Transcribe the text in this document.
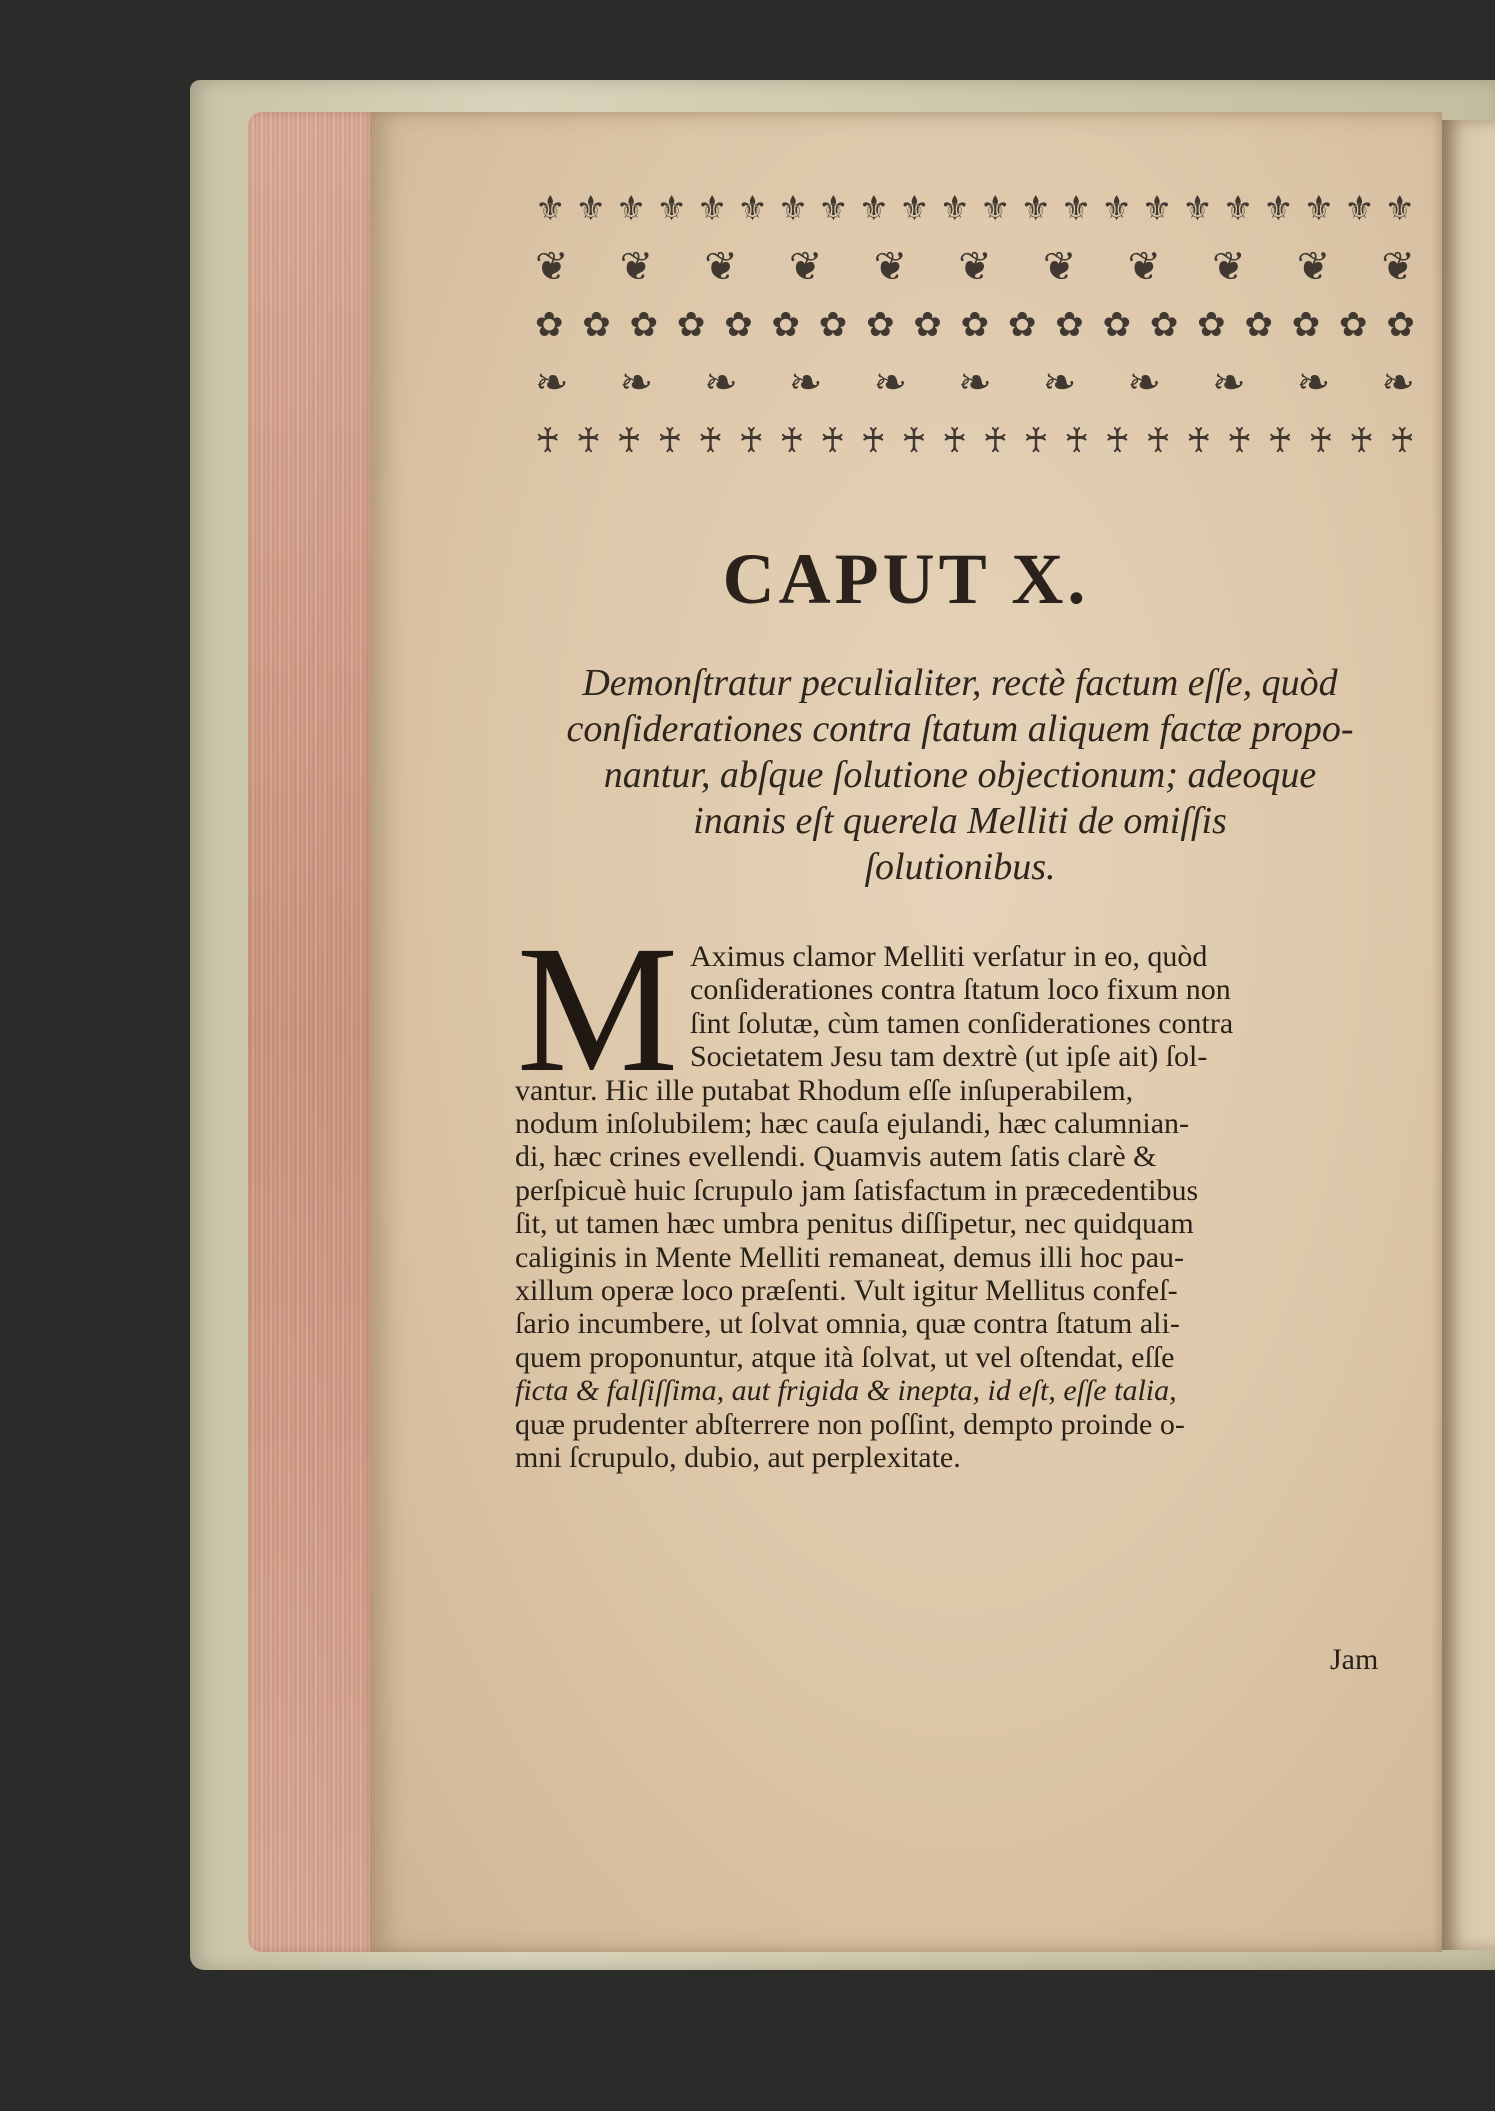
⚜ ⚜ ⚜ ⚜ ⚜ ⚜ ⚜ ⚜ ⚜ ⚜ ⚜ ⚜ ⚜ ⚜ ⚜ ⚜ ⚜ ⚜ ⚜ ⚜ ⚜ ⚜
❦ ❦ ❦ ❦ ❦ ❦ ❦ ❦ ❦ ❦ ❦
✿ ✿ ✿ ✿ ✿ ✿ ✿ ✿ ✿ ✿ ✿ ✿ ✿ ✿ ✿ ✿ ✿ ✿ ✿
❧ ❧ ❧ ❧ ❧ ❧ ❧ ❧ ❧ ❧ ❧
♰ ♰ ♰ ♰ ♰ ♰ ♰ ♰ ♰ ♰ ♰ ♰ ♰ ♰ ♰ ♰ ♰ ♰ ♰ ♰ ♰ ♰
CAPUT X.

Demonſtratur peculialiter, rectè factum eſſe, quòd
conſiderationes contra ſtatum aliquem factæ propo-
nantur, abſque ſolutione objectionum; adeoque
inanis eſt querela Melliti de omiſſis
ſolutionibus.

M Aximus clamor Melliti verſatur in eo, quòd
conſiderationes contra ſtatum loco fixum non
ſint ſolutæ, cùm tamen conſiderationes contra
Societatem Jesu tam dextrè (ut ipſe ait) ſol-
vantur. Hic ille putabat Rhodum eſſe inſuperabilem,
nodum inſolubilem; hæc cauſa ejulandi, hæc calumnian-
di, hæc crines evellendi. Quamvis autem ſatis clarè &
perſpicuè huic ſcrupulo jam ſatisfactum in præcedentibus
ſit, ut tamen hæc umbra penitus diſſipetur, nec quidquam
caliginis in Mente Melliti remaneat, demus illi hoc pau-
xillum operæ loco præſenti. Vult igitur Mellitus confeſ-
ſario incumbere, ut ſolvat omnia, quæ contra ſtatum ali-
quem proponuntur, atque ità ſolvat, ut vel oſtendat, eſſe
ficta & falſiſſima, aut frigida & inepta, id eſt, eſſe talia,
quæ prudenter abſterrere non poſſint, dempto proinde o-
mni ſcrupulo, dubio, aut perplexitate.

Jam
